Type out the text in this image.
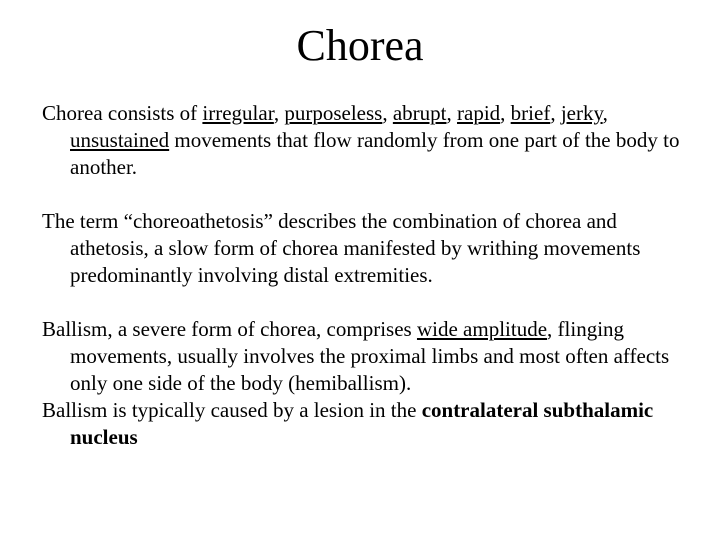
Chorea

Chorea consists of irregular, purposeless, abrupt, rapid, brief, jerky, unsustained movements that flow randomly from one part of the body to another.

The term “choreoathetosis” describes the combination of chorea and athetosis, a slow form of chorea manifested by writhing movements predominantly involving distal extremities.

Ballism, a severe form of chorea, comprises wide amplitude, flinging movements, usually involves the proximal limbs and most often affects only one side of the body (hemiballism).

Ballism is typically caused by a lesion in the contralateral subthalamic nucleus
